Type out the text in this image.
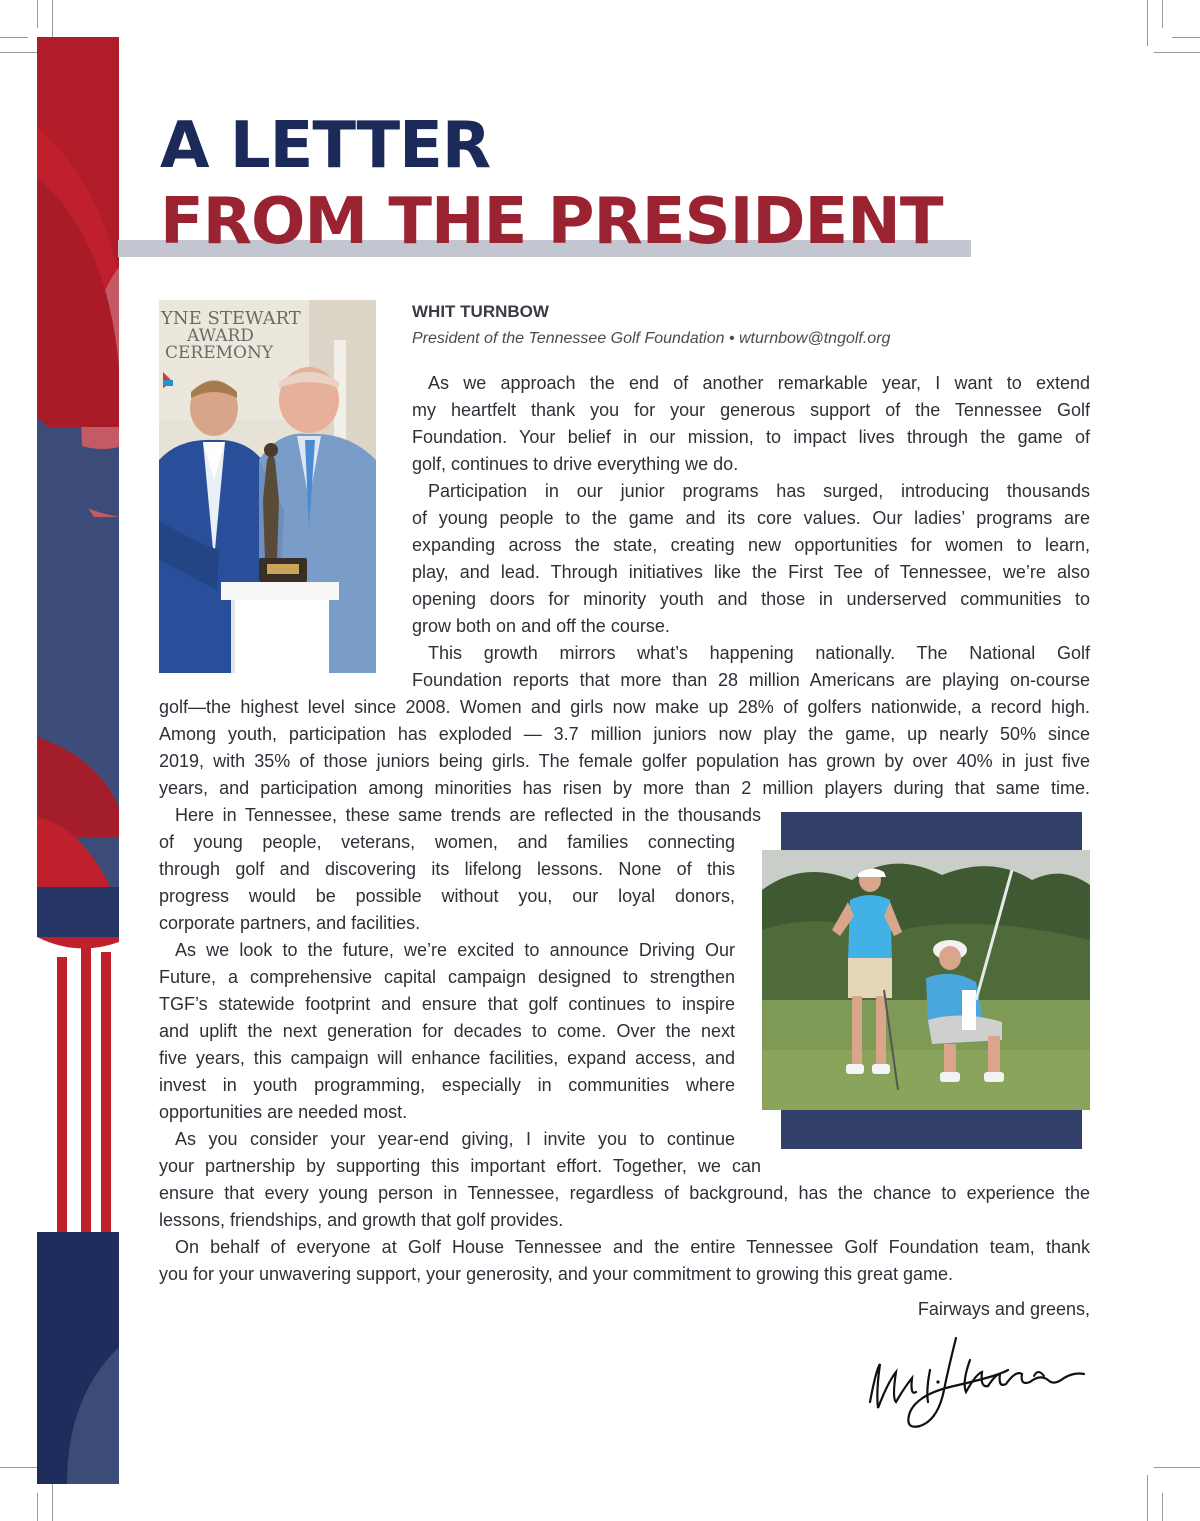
A LETTER
FROM THE PRESIDENT
YNE STEWART
AWARD
CEREMONY
WHIT TURNBOW
President of the Tennessee Golf Foundation • wturnbow@tngolf.org
As we approach the end of another remarkable year, I want to extend
my heartfelt thank you for your generous support of the Tennessee Golf
Foundation. Your belief in our mission, to impact lives through the game of
golf, continues to drive everything we do.
Participation in our junior programs has surged, introducing thousands
of young people to the game and its core values. Our ladies’ programs are
expanding across the state, creating new opportunities for women to learn,
play, and lead. Through initiatives like the First Tee of Tennessee, we’re also
opening doors for minority youth and those in underserved communities to
grow both on and off the course.
This growth mirrors what’s happening nationally. The National Golf
Foundation reports that more than 28 million Americans are playing on-course
golf—the highest level since 2008. Women and girls now make up 28% of golfers nationwide, a record high.
Among youth, participation has exploded — 3.7 million juniors now play the game, up nearly 50% since
2019, with 35% of those juniors being girls. The female golfer population has grown by over 40% in just five
years, and participation among minorities has risen by more than 2 million players during that same time.
Here in Tennessee, these same trends are reflected in the thousands
of young people, veterans, women, and families connecting
through golf and discovering its lifelong lessons. None of this
progress would be possible without you, our loyal donors,
corporate partners, and facilities.
As we look to the future, we’re excited to announce Driving Our
Future, a comprehensive capital campaign designed to strengthen
TGF’s statewide footprint and ensure that golf continues to inspire
and uplift the next generation for decades to come. Over the next
five years, this campaign will enhance facilities, expand access, and
invest in youth programming, especially in communities where
opportunities are needed most.
As you consider your year-end giving, I invite you to continue
your partnership by supporting this important effort. Together, we can
ensure that every young person in Tennessee, regardless of background, has the chance to experience the
lessons, friendships, and growth that golf provides.
On behalf of everyone at Golf House Tennessee and the entire Tennessee Golf Foundation team, thank
you for your unwavering support, your generosity, and your commitment to growing this great game.
Fairways and greens,
